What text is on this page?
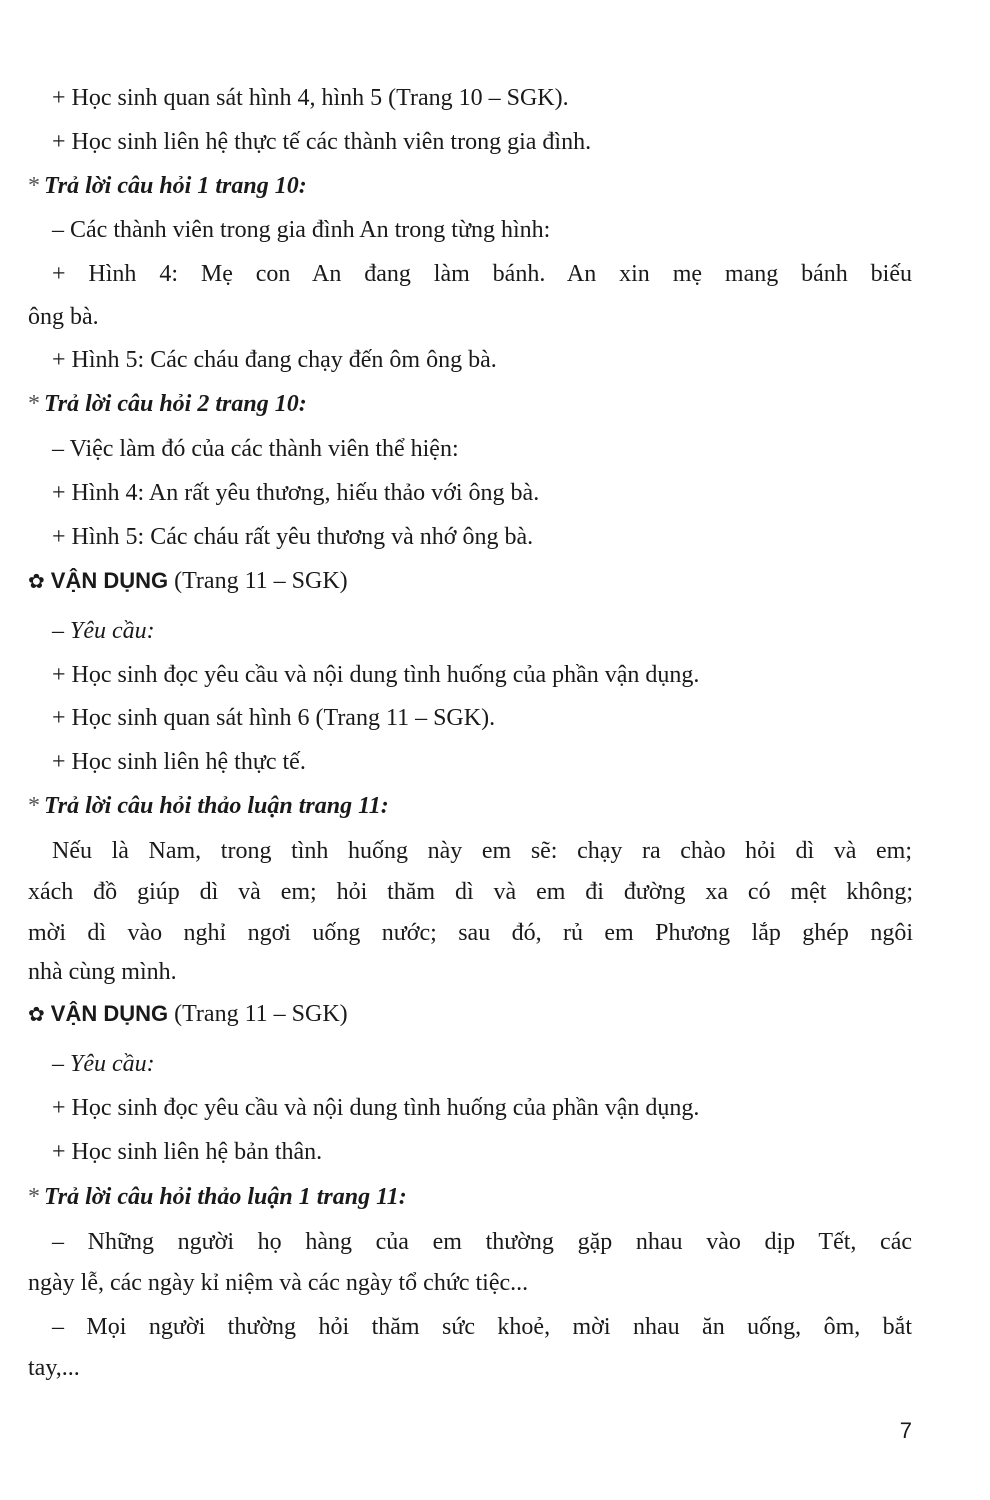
+ Học sinh quan sát hình 4, hình 5 (Trang 10 – SGK).
+ Học sinh liên hệ thực tế các thành viên trong gia đình.
* Trả lời câu hỏi 1 trang 10:
– Các thành viên trong gia đình An trong từng hình:
+ Hình 4: Mẹ con An đang làm bánh. An xin mẹ mang bánh biếu
ông bà.
+ Hình 5: Các cháu đang chạy đến ôm ông bà.
* Trả lời câu hỏi 2 trang 10:
– Việc làm đó của các thành viên thể hiện:
+ Hình 4: An rất yêu thương, hiếu thảo với ông bà.
+ Hình 5: Các cháu rất yêu thương và nhớ ông bà.
✿ VẬN DỤNG (Trang 11 – SGK)
– Yêu cầu:
+ Học sinh đọc yêu cầu và nội dung tình huống của phần vận dụng.
+ Học sinh quan sát hình 6 (Trang 11 – SGK).
+ Học sinh liên hệ thực tế.
* Trả lời câu hỏi thảo luận trang 11:
Nếu là Nam, trong tình huống này em sẽ: chạy ra chào hỏi dì và em;
xách đồ giúp dì và em; hỏi thăm dì và em đi đường xa có mệt không;
mời dì vào nghỉ ngơi uống nước; sau đó, rủ em Phương lắp ghép ngôi
nhà cùng mình.
✿ VẬN DỤNG (Trang 11 – SGK)
– Yêu cầu:
+ Học sinh đọc yêu cầu và nội dung tình huống của phần vận dụng.
+ Học sinh liên hệ bản thân.
* Trả lời câu hỏi thảo luận 1 trang 11:
– Những người họ hàng của em thường gặp nhau vào dịp Tết, các
ngày lễ, các ngày kỉ niệm và các ngày tổ chức tiệc...
– Mọi người thường hỏi thăm sức khoẻ, mời nhau ăn uống, ôm, bắt
tay,...
7
